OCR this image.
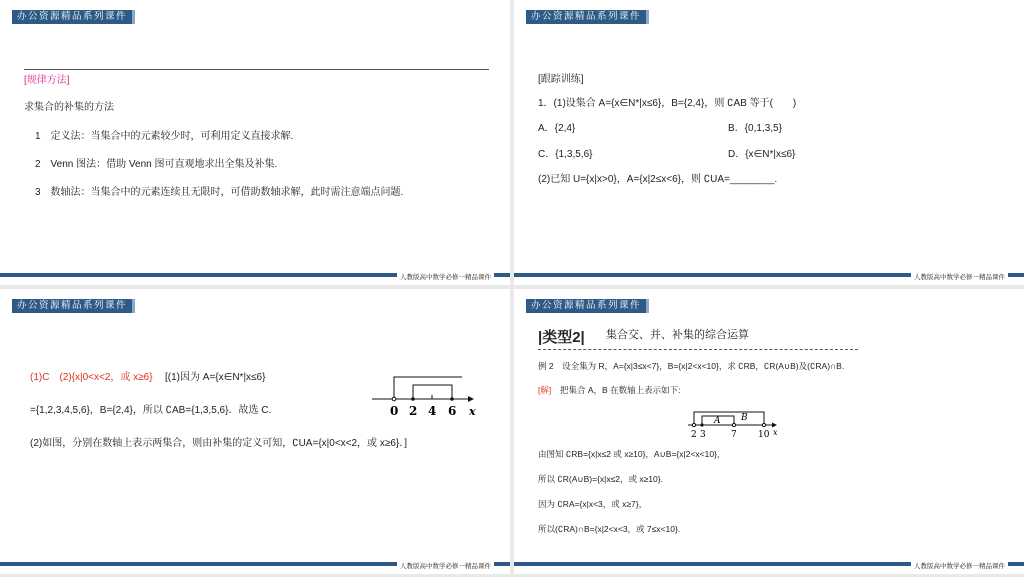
办公资源精品系列课件
[规律方法]
求集合的补集的方法
1　定义法：当集合中的元素较少时，可利用定义直接求解.
2　Venn 图法：借助 Venn 图可直观地求出全集及补集.
3　数轴法：当集合中的元素连续且无限时，可借助数轴求解，此时需注意端点问题.
人教版高中数学必修一精品课件
办公资源精品系列课件
[跟踪训练]
1．(1)设集合 A={x∈N*|x≤6}，B={2,4}，则 ∁AB 等于(　　)
A．{2,4}	B．{0,1,3,5}
C．{1,3,5,6}	D．{x∈N*|x≤6}
(2)已知 U={x|x>0}，A={x|2≤x<6}，则 ∁UA=________.
人教版高中数学必修一精品课件
办公资源精品系列课件
(1)C　(2){x|0<x<2，或 x≥6} [(1)因为 A={x∈N*|x≤6}
={1,2,3,4,5,6}，B={2,4}，所以 ∁AB={1,3,5,6}．故选 C.
(2)如图，分别在数轴上表示两集合，则由补集的定义可知，∁UA={x|0<x<2，或 x≥6}．]
0 2 4 6 x
人教版高中数学必修一精品课件
办公资源精品系列课件
|类型2| 集合交、并、补集的综合运算
例 2　设全集为 R，A={x|3≤x<7}，B={x|2<x<10}，求 ∁RB，∁R(A∪B)及(∁RA)∩B.
[解] 把集合 A，B 在数轴上表示如下:
A B
2 3	7 10 x
由图知 ∁RB={x|x≤2 或 x≥10}，A∪B={x|2<x<10}，
所以 ∁R(A∪B)={x|x≤2，或 x≥10}.
因为 ∁RA={x|x<3，或 x≥7}，
所以(∁RA)∩B={x|2<x<3，或 7≤x<10}.
人教版高中数学必修一精品课件
